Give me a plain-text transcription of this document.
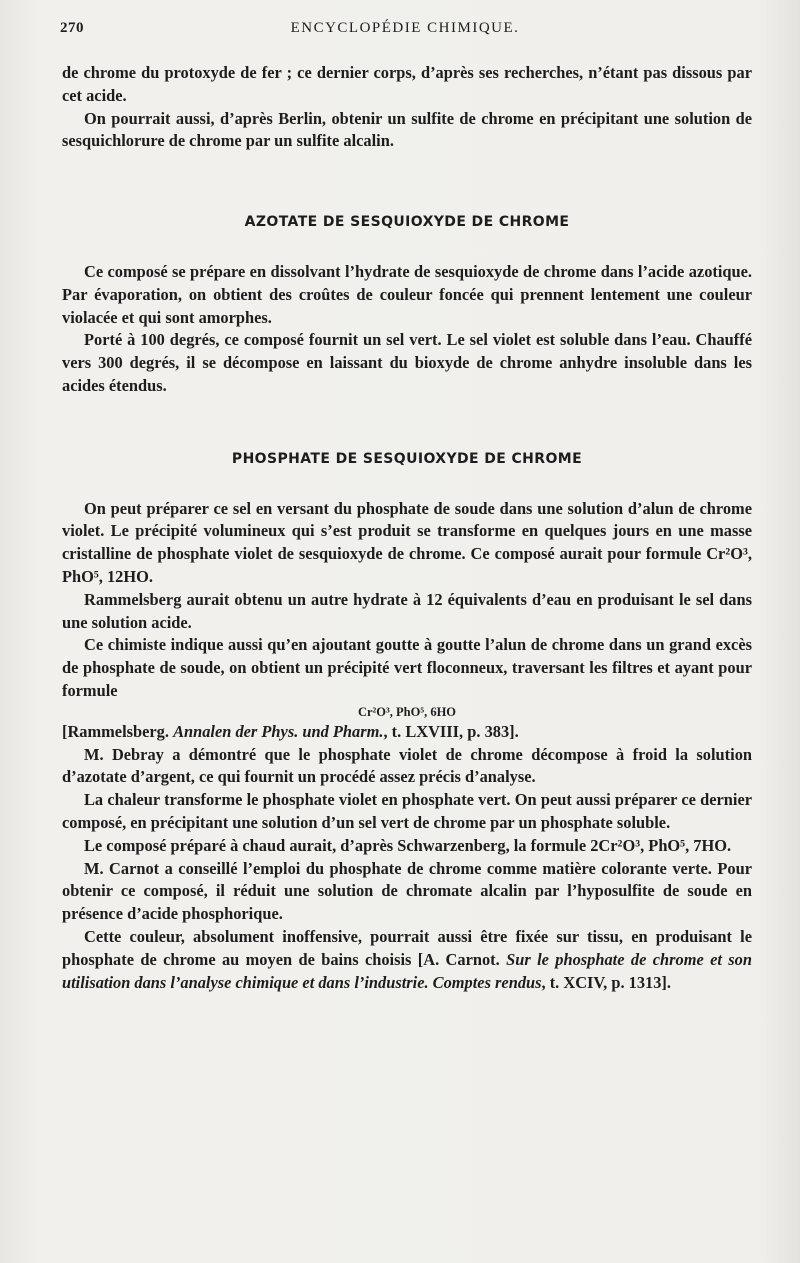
270	ENCYCLOPÉDIE CHIMIQUE.

de chrome du protoxyde de fer ; ce dernier corps, d’après ses recherches, n’étant pas dissous par cet acide.

On pourrait aussi, d’après Berlin, obtenir un sulfite de chrome en précipitant une solution de sesquichlorure de chrome par un sulfite alcalin.

AZOTATE DE SESQUIOXYDE DE CHROME

Ce composé se prépare en dissolvant l’hydrate de sesquioxyde de chrome dans l’acide azotique. Par évaporation, on obtient des croûtes de couleur foncée qui prennent lentement une couleur violacée et qui sont amorphes.

Porté à 100 degrés, ce composé fournit un sel vert. Le sel violet est soluble dans l’eau. Chauffé vers 300 degrés, il se décompose en laissant du bioxyde de chrome anhydre insoluble dans les acides étendus.

PHOSPHATE DE SESQUIOXYDE DE CHROME

On peut préparer ce sel en versant du phosphate de soude dans une solution d’alun de chrome violet. Le précipité volumineux qui s’est produit se transforme en quelques jours en une masse cristalline de phosphate violet de sesquioxyde de chrome. Ce composé aurait pour formule Cr²O³, PhO⁵, 12HO.

Rammelsberg aurait obtenu un autre hydrate à 12 équivalents d’eau en produisant le sel dans une solution acide.

Ce chimiste indique aussi qu’en ajoutant goutte à goutte l’alun de chrome dans un grand excès de phosphate de soude, on obtient un précipité vert floconneux, traversant les filtres et ayant pour formule

Cr²O³, PhO⁵, 6HO

[Rammelsberg. Annalen der Phys. und Pharm., t. LXVIII, p. 383].

M. Debray a démontré que le phosphate violet de chrome décompose à froid la solution d’azotate d’argent, ce qui fournit un procédé assez précis d’analyse.

La chaleur transforme le phosphate violet en phosphate vert. On peut aussi préparer ce dernier composé, en précipitant une solution d’un sel vert de chrome par un phosphate soluble.

Le composé préparé à chaud aurait, d’après Schwarzenberg, la formule 2Cr²O³, PhO⁵, 7HO.

M. Carnot a conseillé l’emploi du phosphate de chrome comme matière colorante verte. Pour obtenir ce composé, il réduit une solution de chromate alcalin par l’hyposulfite de soude en présence d’acide phosphorique.

Cette couleur, absolument inoffensive, pourrait aussi être fixée sur tissu, en produisant le phosphate de chrome au moyen de bains choisis [A. Carnot. Sur le phosphate de chrome et son utilisation dans l’analyse chimique et dans l’industrie. Comptes rendus, t. XCIV, p. 1313].
